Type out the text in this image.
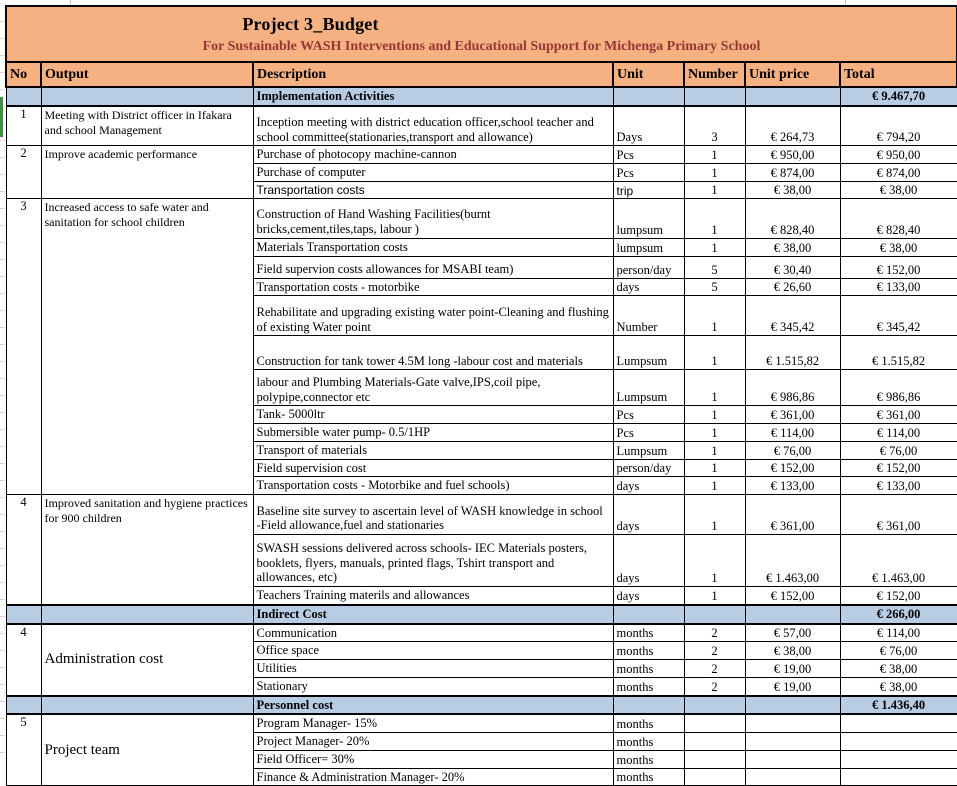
Project 3_Budget
For Sustainable WASH Interventions and Educational Support for Michenga Primary School						

No	Output	Description	Unit	Number	Unit price	Total
		Implementation Activities				€ 9.467,70
1	Meeting with District officer in Ifakara and school Management	Inception meeting with district education officer,school teacher and school committee(stationaries,transport and allowance)	Days	3	€ 264,73	€ 794,20
2	Improve academic performance	Purchase of photocopy machine-cannon	Pcs	1	€ 950,00	€ 950,00
		Purchase of computer	Pcs	1	€ 874,00	€ 874,00
		Transportation costs	trip	1	€ 38,00	€ 38,00
3	Increased access to safe water and sanitation for school children	Construction of Hand Washing Facilities(burnt bricks,cement,tiles,taps, labour )	lumpsum	1	€ 828,40	€ 828,40
		Materials Transportation costs	lumpsum	1	€ 38,00	€ 38,00
		Field supervion costs allowances for MSABI team)	person/day	5	€ 30,40	€ 152,00
		Transportation costs - motorbike	days	5	€ 26,60	€ 133,00
		Rehabilitate and upgrading existing water point-Cleaning and flushing of existing Water point	Number	1	€ 345,42	€ 345,42
		Construction for tank tower 4.5M long -labour cost and materials	Lumpsum	1	€ 1.515,82	€ 1.515,82
		labour and Plumbing Materials-Gate valve,IPS,coil pipe, polypipe,connector etc	Lumpsum	1	€ 986,86	€ 986,86
		Tank- 5000ltr	Pcs	1	€ 361,00	€ 361,00
		Submersible water pump- 0.5/1HP	Pcs	1	€ 114,00	€ 114,00
		Transport of materials	Lumpsum	1	€ 76,00	€ 76,00
		Field supervision cost	person/day	1	€ 152,00	€ 152,00
		Transportation costs - Motorbike and fuel schools)	days	1	€ 133,00	€ 133,00
4	Improved sanitation and hygiene practices for 900 children	Baseline site survey to ascertain level of WASH knowledge in school -Field allowance,fuel and stationaries	days	1	€ 361,00	€ 361,00
		SWASH sessions delivered across schools- IEC Materials posters, booklets, flyers, manuals, printed flags, Tshirt transport and allowances, etc)	days	1	€ 1.463,00	€ 1.463,00
		Teachers Training materils and allowances	days	1	€ 152,00	€ 152,00
		Indirect Cost				€ 266,00
4	Administration cost	Communication	months	2	€ 57,00	€ 114,00
		Office space	months	2	€ 38,00	€ 76,00
		Utilities	months	2	€ 19,00	€ 38,00
		Stationary	months	2	€ 19,00	€ 38,00
		Personnel cost				€ 1.436,40
5	Project team	Program Manager- 15%	months			
		Project Manager- 20%	months			
		Field Officer= 30%	months			
		Finance & Administration Manager- 20%	months			
